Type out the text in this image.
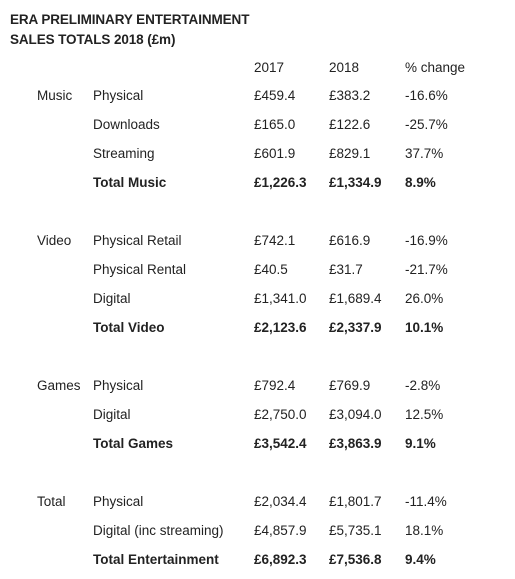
ERA PRELIMINARY ENTERTAINMENT
SALES TOTALS 2018 (£m)
2017	2018	% change
Music Physical	£459.4 £383.2	-16.6%
Downloads	£165.0 £122.6	-25.7%
Streaming	£601.9 £829.1	37.7%
Total Music	£1,226.3 £1,334.9 8.9%
Video Physical Retail	£742.1 £616.9	-16.9%
Physical Rental	£40.5	£31.7	-21.7%
Digital	£1,341.0 £1,689.4 26.0%
Total Video	£2,123.6 £2,337.9 10.1%
Games Physical	£792.4 £769.9	-2.8%
Digital	£2,750.0 £3,094.0 12.5%
Total Games	£3,542.4 £3,863.9 9.1%
Total Physical	£2,034.4 £1,801.7 -11.4%
Digital (inc streaming) £4,857.9 £5,735.1 18.1%
Total Entertainment	£6,892.3 £7,536.8 9.4%
